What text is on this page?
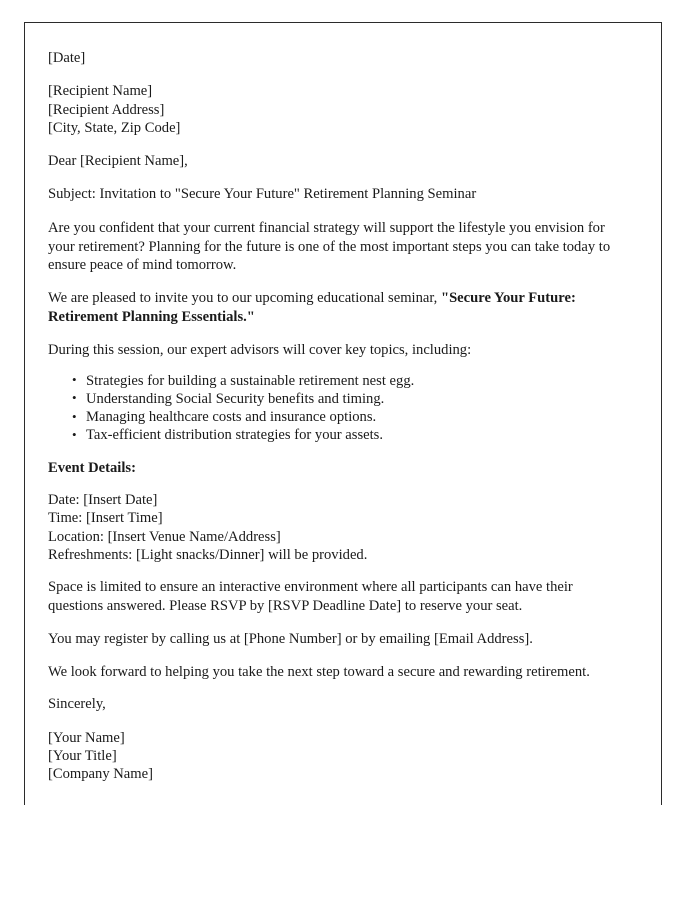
[Date]
[Recipient Name]
[Recipient Address]
[City, State, Zip Code]
Dear [Recipient Name],
Subject: Invitation to "Secure Your Future" Retirement Planning Seminar

Are you confident that your current financial strategy will support the lifestyle you envision for your retirement? Planning for the future is one of the most important steps you can take today to ensure peace of mind tomorrow.

We are pleased to invite you to our upcoming educational seminar, "Secure Your Future: Retirement Planning Essentials."

During this session, our expert advisors will cover key topics, including:

• Strategies for building a sustainable retirement nest egg.
• Understanding Social Security benefits and timing.
• Managing healthcare costs and insurance options.
• Tax-efficient distribution strategies for your assets.
Event Details:
Date: [Insert Date]
Time: [Insert Time]
Location: [Insert Venue Name/Address]
Refreshments: [Light snacks/Dinner] will be provided.

Space is limited to ensure an interactive environment where all participants can have their questions answered. Please RSVP by [RSVP Deadline Date] to reserve your seat.

You may register by calling us at [Phone Number] or by emailing [Email Address].

We look forward to helping you take the next step toward a secure and rewarding retirement.

Sincerely,
[Your Name]
[Your Title]
[Company Name]
